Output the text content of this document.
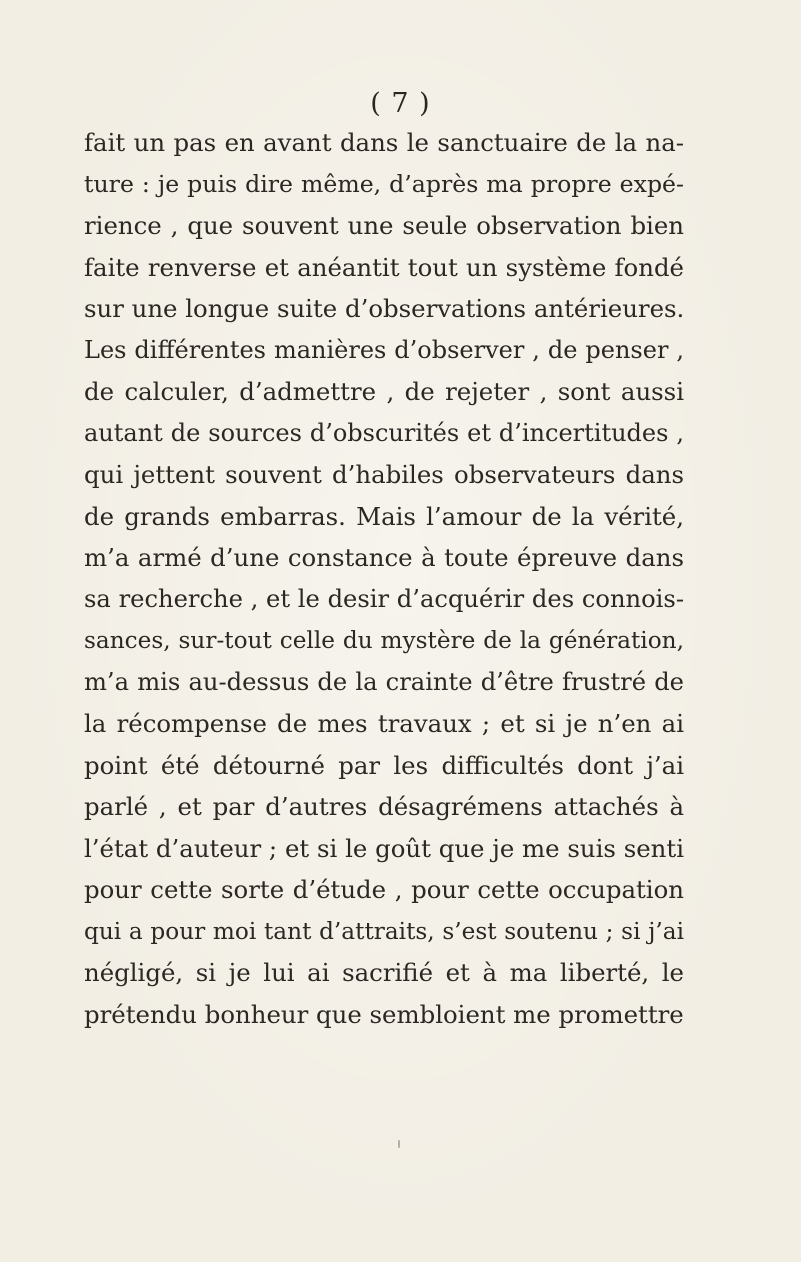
( 7 )
fait un pas en avant dans le sanctuaire de la na-
ture : je puis dire même, d’après ma propre expé-
rience , que souvent une seule observation bien
faite renverse et anéantit tout un système fondé
sur une longue suite d’observations antérieures.
Les différentes manières d’observer , de penser ,
de calculer, d’admettre , de rejeter , sont aussi
autant de sources d’obscurités et d’incertitudes ,
qui jettent souvent d’habiles observateurs dans
de grands embarras. Mais l’amour de la vérité,
m’a armé d’une constance à toute épreuve dans
sa recherche , et le desir d’acquérir des connois-
sances, sur-tout celle du mystère de la génération,
m’a mis au-dessus de la crainte d’être frustré de
la récompense de mes travaux ; et si je n’en ai
point été détourné par les difficultés dont j’ai
parlé , et par d’autres désagrémens attachés à
l’état d’auteur ; et si le goût que je me suis senti
pour cette sorte d’étude , pour cette occupation
qui a pour moi tant d’attraits, s’est soutenu ; si j’ai
négligé, si je lui ai sacrifié et à ma liberté, le
prétendu bonheur que sembloient me promettre
